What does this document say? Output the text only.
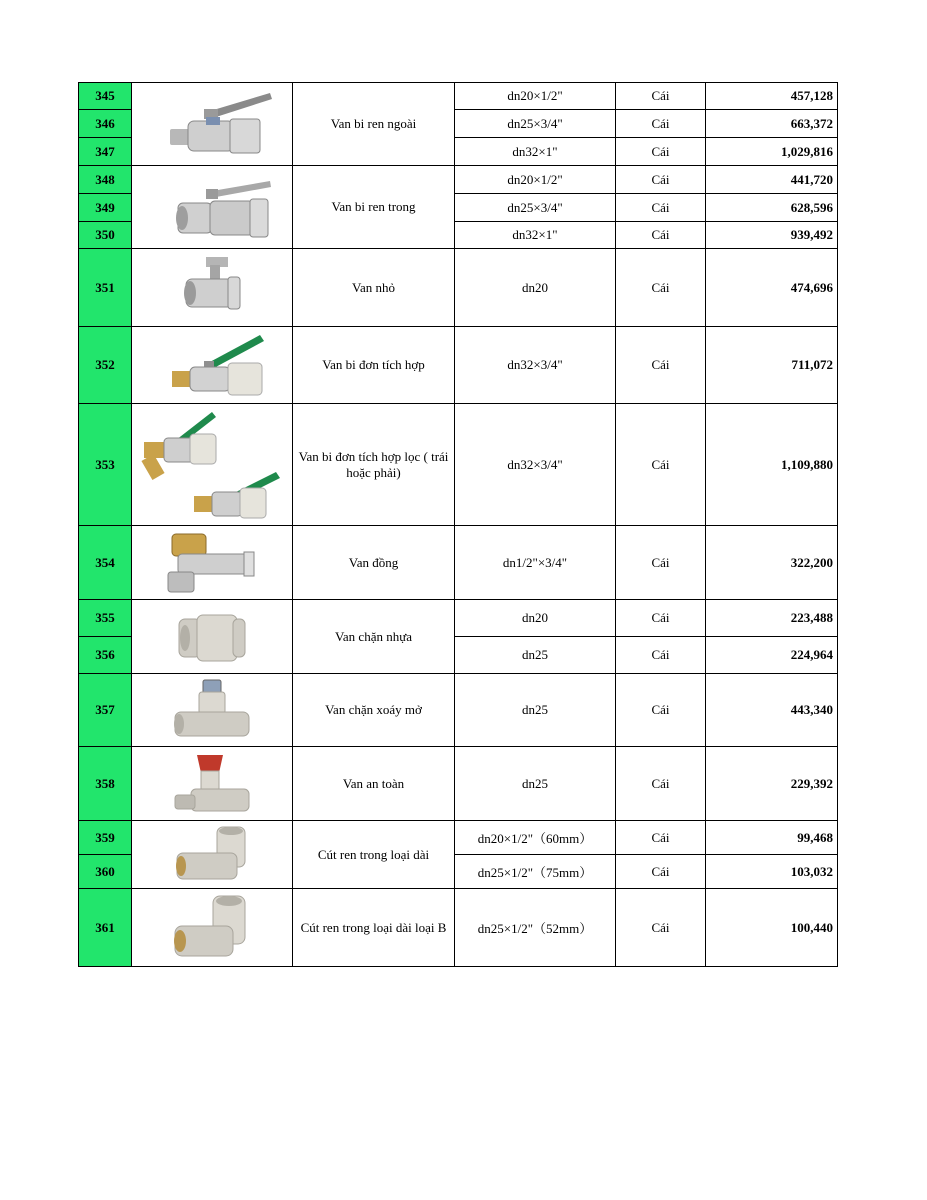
345		Van bi ren ngoài	dn20×1/2"	Cái	457,128
346			dn25×3/4"	Cái	663,372
347			dn32×1"	Cái	1,029,816
348		Van bi ren trong	dn20×1/2"	Cái	441,720
349			dn25×3/4"	Cái	628,596
350			dn32×1"	Cái	939,492
351		Van nhỏ	dn20	Cái	474,696
352		Van bi đơn tích hợp	dn32×3/4"	Cái	711,072
353		Van bi đơn tích hợp lọc ( trái hoặc phải)	dn32×3/4"	Cái	1,109,880
354		Van đồng	dn1/2"×3/4"	Cái	322,200
355		Van chặn nhựa	dn20	Cái	223,488
356			dn25	Cái	224,964
357		Van chặn xoáy mở	dn25	Cái	443,340
358		Van an toàn	dn25	Cái	229,392
359		Cút ren trong loại dài	dn20×1/2"（60mm）	Cái	99,468
360			dn25×1/2"（75mm）	Cái	103,032
361		Cút ren trong loại dài loại B	dn25×1/2"（52mm）	Cái	100,440
